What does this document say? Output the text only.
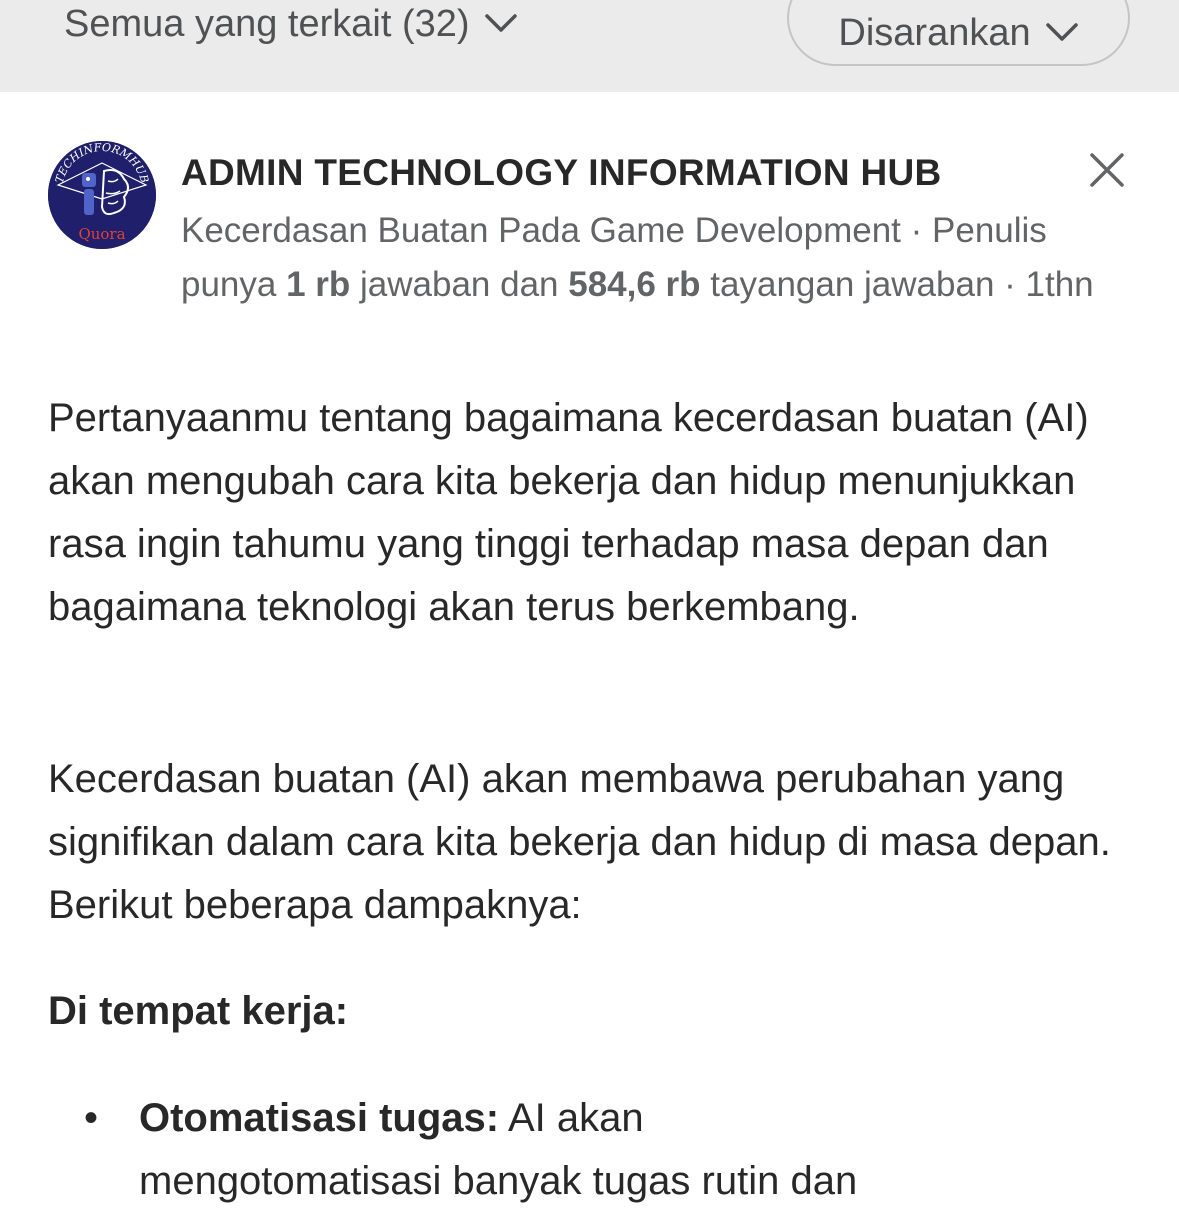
Semua yang terkait (32)	Disarankan
TECHINFORMHUB
Quora
ADMIN TECHNOLOGY INFORMATION HUB
Kecerdasan Buatan Pada Game Development · Penulis punya 1 rb jawaban dan 584,6 rb tayangan jawaban · 1thn

Pertanyaanmu tentang bagaimana kecerdasan buatan (AI) akan mengubah cara kita bekerja dan hidup menunjukkan rasa ingin tahumu yang tinggi terhadap masa depan dan bagaimana teknologi akan terus berkembang.

Kecerdasan buatan (AI) akan membawa perubahan yang signifikan dalam cara kita bekerja dan hidup di masa depan. Berikut beberapa dampaknya:

Di tempat kerja:

• Otomatisasi tugas: AI akan
mengotomatisasi banyak tugas rutin dan
